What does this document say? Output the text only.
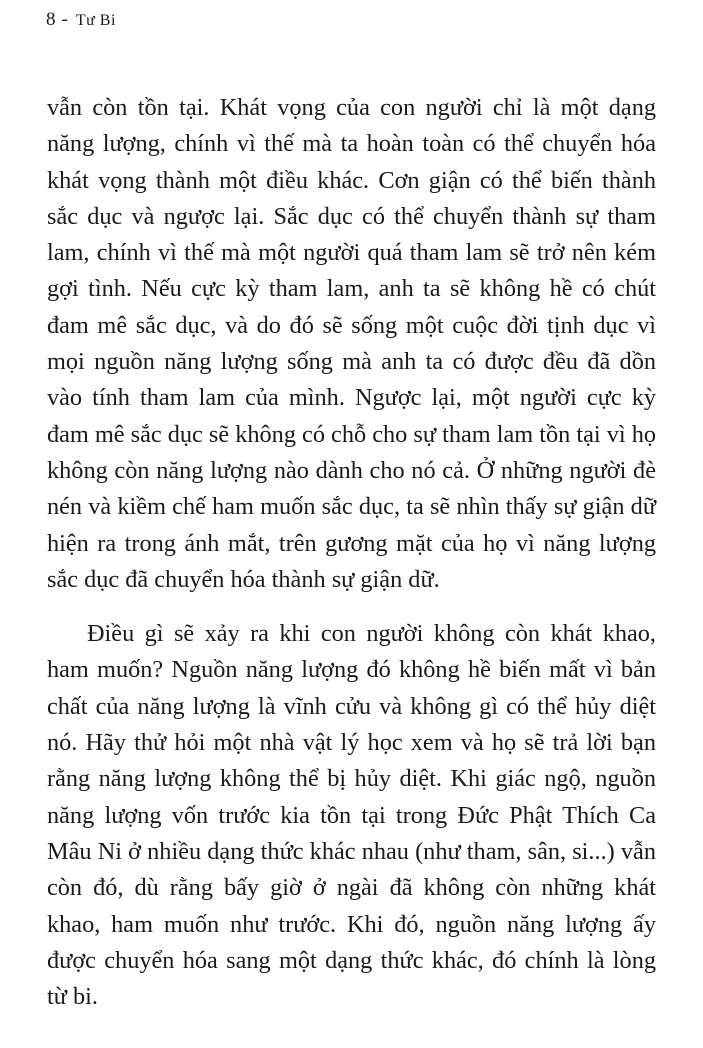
8 - Tư Bi

vẫn còn tồn tại. Khát vọng của con người chỉ là một dạng năng lượng, chính vì thế mà ta hoàn toàn có thể chuyển hóa khát vọng thành một điều khác. Cơn giận có thể biến thành sắc dục và ngược lại. Sắc dục có thể chuyển thành sự tham lam, chính vì thế mà một người quá tham lam sẽ trở nên kém gợi tình. Nếu cực kỳ tham lam, anh ta sẽ không hề có chút đam mê sắc dục, và do đó sẽ sống một cuộc đời tịnh dục vì mọi nguồn năng lượng sống mà anh ta có được đều đã dồn vào tính tham lam của mình. Ngược lại, một người cực kỳ đam mê sắc dục sẽ không có chỗ cho sự tham lam tồn tại vì họ không còn năng lượng nào dành cho nó cả. Ở những người đè nén và kiềm chế ham muốn sắc dục, ta sẽ nhìn thấy sự giận dữ hiện ra trong ánh mắt, trên gương mặt của họ vì năng lượng sắc dục đã chuyển hóa thành sự giận dữ.

Điều gì sẽ xảy ra khi con người không còn khát khao, ham muốn? Nguồn năng lượng đó không hề biến mất vì bản chất của năng lượng là vĩnh cửu và không gì có thể hủy diệt nó. Hãy thử hỏi một nhà vật lý học xem và họ sẽ trả lời bạn rằng năng lượng không thể bị hủy diệt. Khi giác ngộ, nguồn năng lượng vốn trước kia tồn tại trong Đức Phật Thích Ca Mâu Ni ở nhiều dạng thức khác nhau (như tham, sân, si...) vẫn còn đó, dù rằng bấy giờ ở ngài đã không còn những khát khao, ham muốn như trước. Khi đó, nguồn năng lượng ấy được chuyển hóa sang một dạng thức khác, đó chính là lòng từ bi.
